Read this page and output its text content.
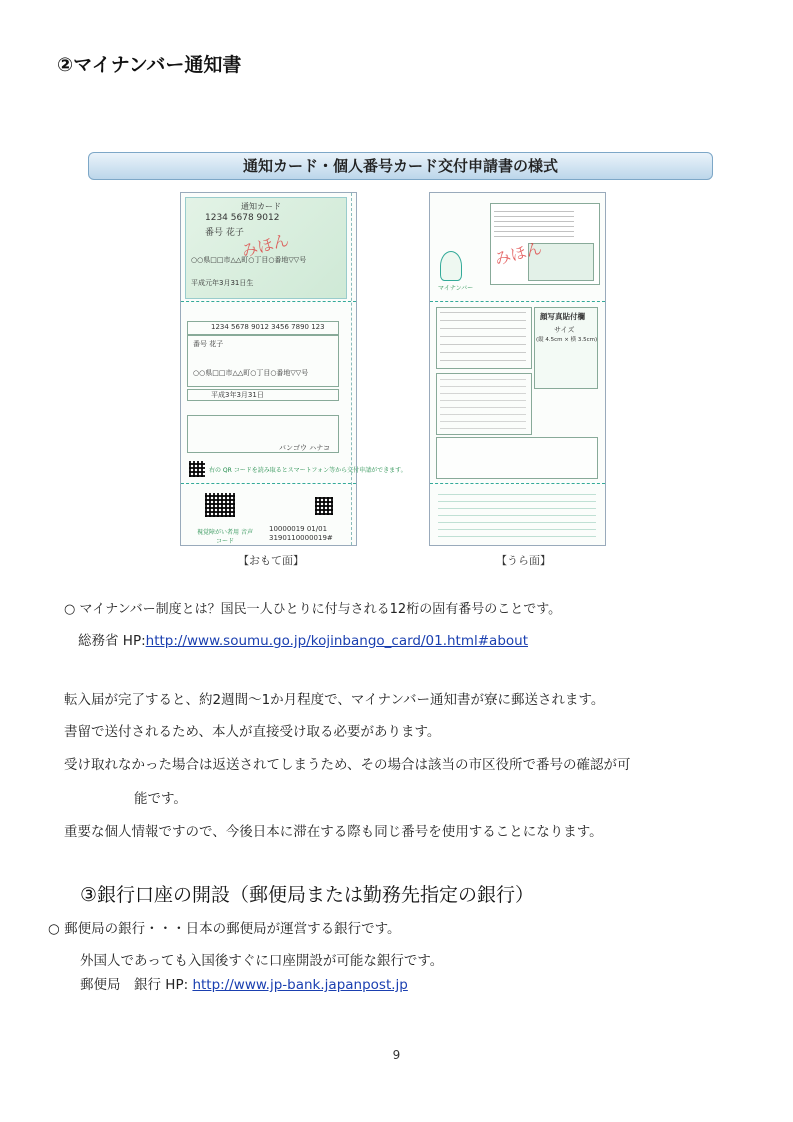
②マイナンバー通知書
通知カード・個人番号カード交付申請書の様式
通知カード
1234 5678 9012
番号 花子
みほん
○○県□□市△△町○丁目○番地▽▽号
平成元年3月31日生
1234 5678 9012 3456 7890 123
番号 花子
○○県□□市△△町○丁目○番地▽▽号
平成3年3月31日
バンゴウ ハナコ
右の QR コードを読み取るとスマートフォン等から交付申請ができます。
10000019 01/01
3190110000019#
視覚障がい者用 音声コード
みほん
マイナンバー
顔写真貼付欄
サイズ
(縦 4.5cm × 横 3.5cm)
【おもて面】	【うら面】
○ マイナンバー制度とは？国民一人ひとりに付与される12桁の固有番号のことです。
総務省 HP:http://www.soumu.go.jp/kojinbango_card/01.html#about
転入届が完了すると、約2週間〜1か月程度で、マイナンバー通知書が寮に郵送されます。
書留で送付されるため、本人が直接受け取る必要があります。
受け取れなかった場合は返送されてしまうため、その場合は該当の市区役所で番号の確認が可
能です。
重要な個人情報ですので、今後日本に滞在する際も同じ番号を使用することになります。
③銀行口座の開設（郵便局または勤務先指定の銀行）
○ 郵便局の銀行・・・日本の郵便局が運営する銀行です。
外国人であっても入国後すぐに口座開設が可能な銀行です。
郵便局　銀行 HP: http://www.jp-bank.japanpost.jp
9
